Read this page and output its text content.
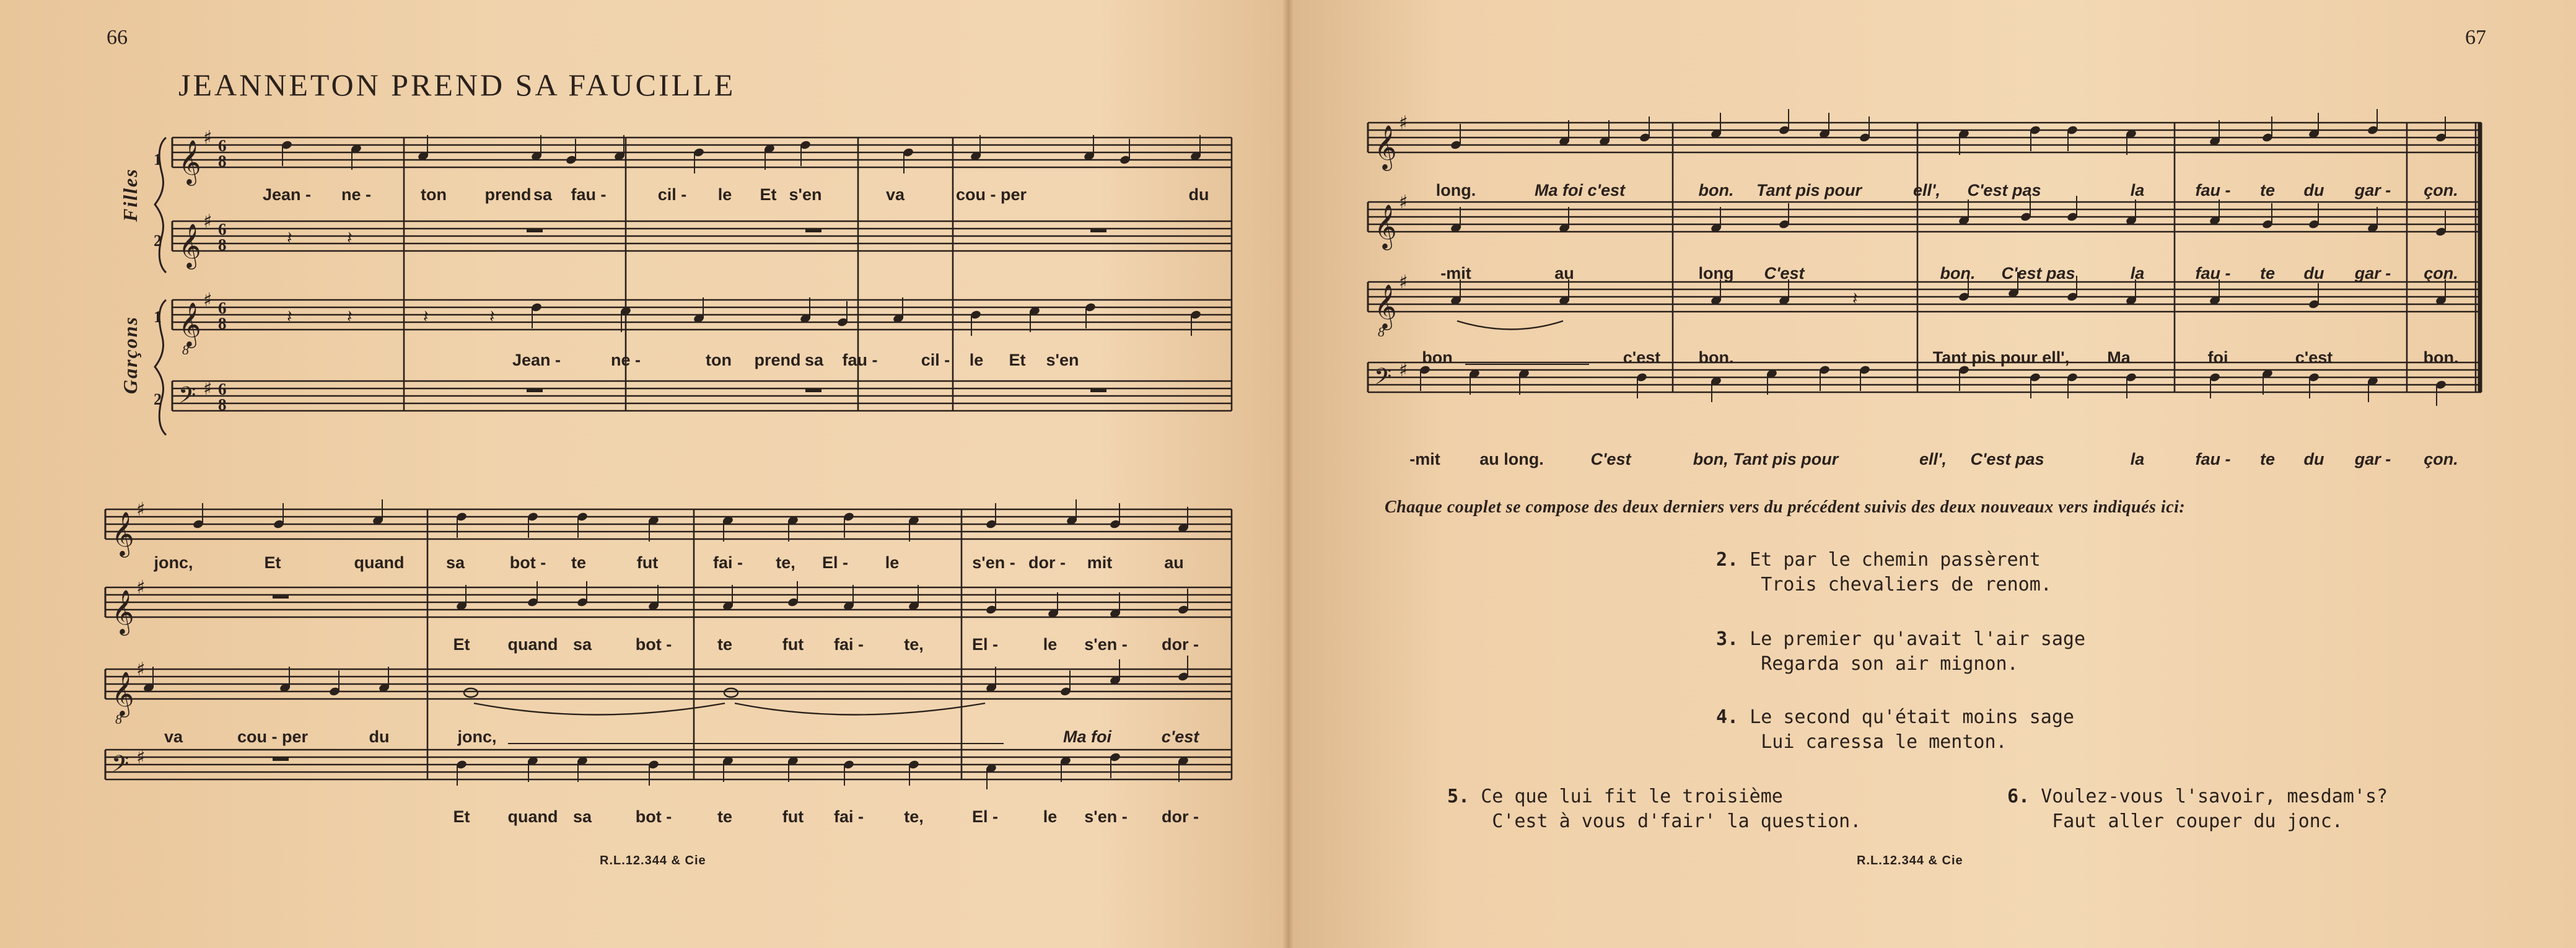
66
JEANNETON PREND SA FAUCILLE
Filles
Garçons
1
2
1
2
R.L.12.344 & Cie
67
R.L.12.344 & Cie
𝄞
♯ 6
8
𝄞
♯ 6
8
𝄞
8
♯ 6
8
𝄢 ♯ 6
8
𝄽	𝄽
𝄽	𝄽	𝄽	𝄽
Jean - ne -	ton prend sa fau -	cil - le Et s'en	va	cou - per	du
Jean -	ne -	ton prend sa fau -	cil - le Et s'en
𝄞
♯
𝄞
♯
𝄞
8
♯
𝄢 ♯
jonc,	Et	quand sa	bot - te	fut	fai - te, El - le	s'en - dor - mit	au
Et quand sa	bot -	te	fut fai - te,	El -	le s'en - dor -
va	cou - per	du	jonc,	Ma foi	c'est
Et quand sa	bot -	te	fut fai - te,	El -	le s'en - dor -
𝄞
♯
𝄞
♯
𝄞
8
♯
𝄢 ♯
𝄽
long.	Ma foi c'est	bon. Tant pis pour	ell', C'est pas	la	fau - te du gar - çon.
-mit	au	long C'est	bon. C'est pas	la	fau - te du gar - çon.
bon	c'est bon.	Tant pis pour ell', Ma	foi	c'est	bon.
-mit au long.	C'est	bon, Tant pis pour	ell', C'est pas	la	fau - te du gar - çon.
Chaque couplet se compose des deux derniers vers du précédent suivis des deux nouveaux vers indiqués ici:
2. Et par le chemin passèrent
Trois chevaliers de renom.
3. Le premier qu'avait l'air sage
Regarda son air mignon.
4. Le second qu'était moins sage
Lui caressa le menton.
5. Ce que lui fit le troisième
C'est à vous d'fair' la question.
6. Voulez-vous l'savoir, mesdam's?
Faut aller couper du jonc.
